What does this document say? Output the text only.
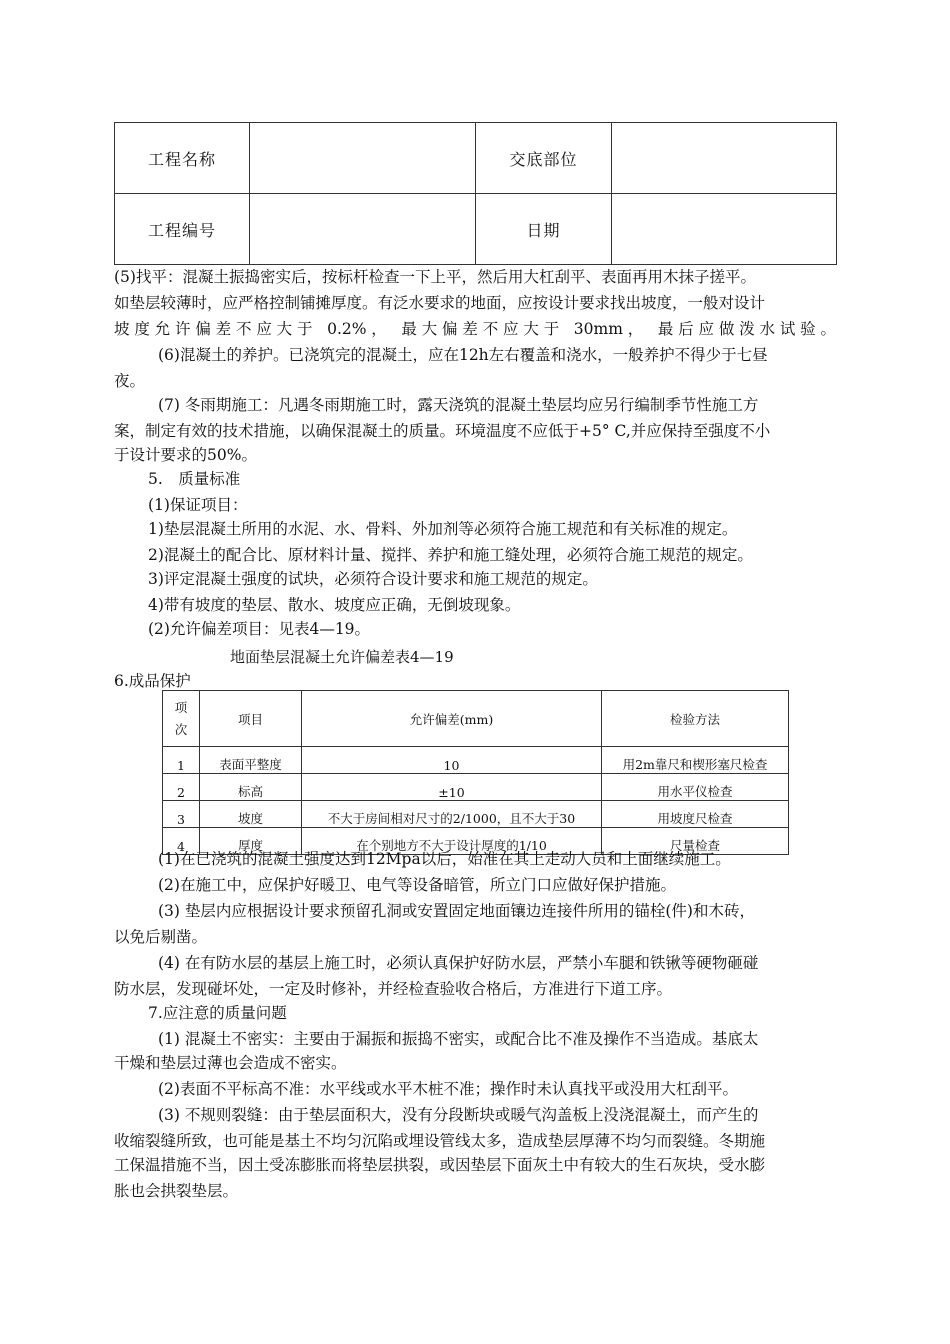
工程名称		交底部位	
工程编号		日期	

(5)找平：混凝土振捣密实后，按标杆检查一下上平，然后用大杠刮平、表面再用木抹子搓平。

如垫层较薄时，应严格控制铺摊厚度。有泛水要求的地面，应按设计要求找出坡度，一般对设计

坡度允许偏差不应大于 0.2%， 最大偏差不应大于 30mm， 最后应做泼水试验。

(6)混凝土的养护。已浇筑完的混凝土，应在12h左右覆盖和浇水，一般养护不得少于七昼

夜。

(7) 冬雨期施工：凡遇冬雨期施工时，露天浇筑的混凝土垫层均应另行编制季节性施工方

案，制定有效的技术措施，以确保混凝土的质量。环境温度不应低于+5° C,并应保持至强度不小

于设计要求的50%。

5.　质量标准

(1)保证项目：

1)垫层混凝土所用的水泥、水、骨料、外加剂等必须符合施工规范和有关标准的规定。

2)混凝土的配合比、原材料计量、搅拌、养护和施工缝处理，必须符合施工规范的规定。

3)评定混凝土强度的试块，必须符合设计要求和施工规范的规定。

4)带有坡度的垫层、散水、坡度应正确，无倒坡现象。

(2)允许偏差项目：见表4—19。

地面垫层混凝土允许偏差表4—19

6.成品保护

项
次	项目	允许偏差(mm)	检验方法
1	表面平整度	10	用2m靠尺和楔形塞尺检查
2	标高	±10	用水平仪检查
3	坡度	不大于房间相对尺寸的2/1000，且不大于30	用坡度尺检查
4	厚度	在个别地方不大于设计厚度的1/10	尺量检查

(1)在已浇筑的混凝土强度达到12Mpa以后，始准在其上走动人员和上面继续施工。

(2)在施工中，应保护好暖卫、电气等设备暗管，所立门口应做好保护措施。

(3) 垫层内应根据设计要求预留孔洞或安置固定地面镶边连接件所用的锚栓(件)和木砖，

以免后剔凿。

(4) 在有防水层的基层上施工时，必须认真保护好防水层，严禁小车腿和铁锹等硬物砸碰

防水层，发现碰坏处，一定及时修补，并经检查验收合格后，方准进行下道工序。

7.应注意的质量问题

(1) 混凝土不密实：主要由于漏振和振捣不密实，或配合比不准及操作不当造成。基底太

干燥和垫层过薄也会造成不密实。

(2)表面不平标高不准：水平线或水平木桩不准；操作时未认真找平或没用大杠刮平。

(3) 不规则裂缝：由于垫层面积大，没有分段断块或暖气沟盖板上没浇混凝土，而产生的

收缩裂缝所致，也可能是基土不均匀沉陷或埋设管线太多，造成垫层厚薄不均匀而裂缝。冬期施

工保温措施不当，因土受冻膨胀而将垫层拱裂，或因垫层下面灰土中有较大的生石灰块，受水膨

胀也会拱裂垫层。
